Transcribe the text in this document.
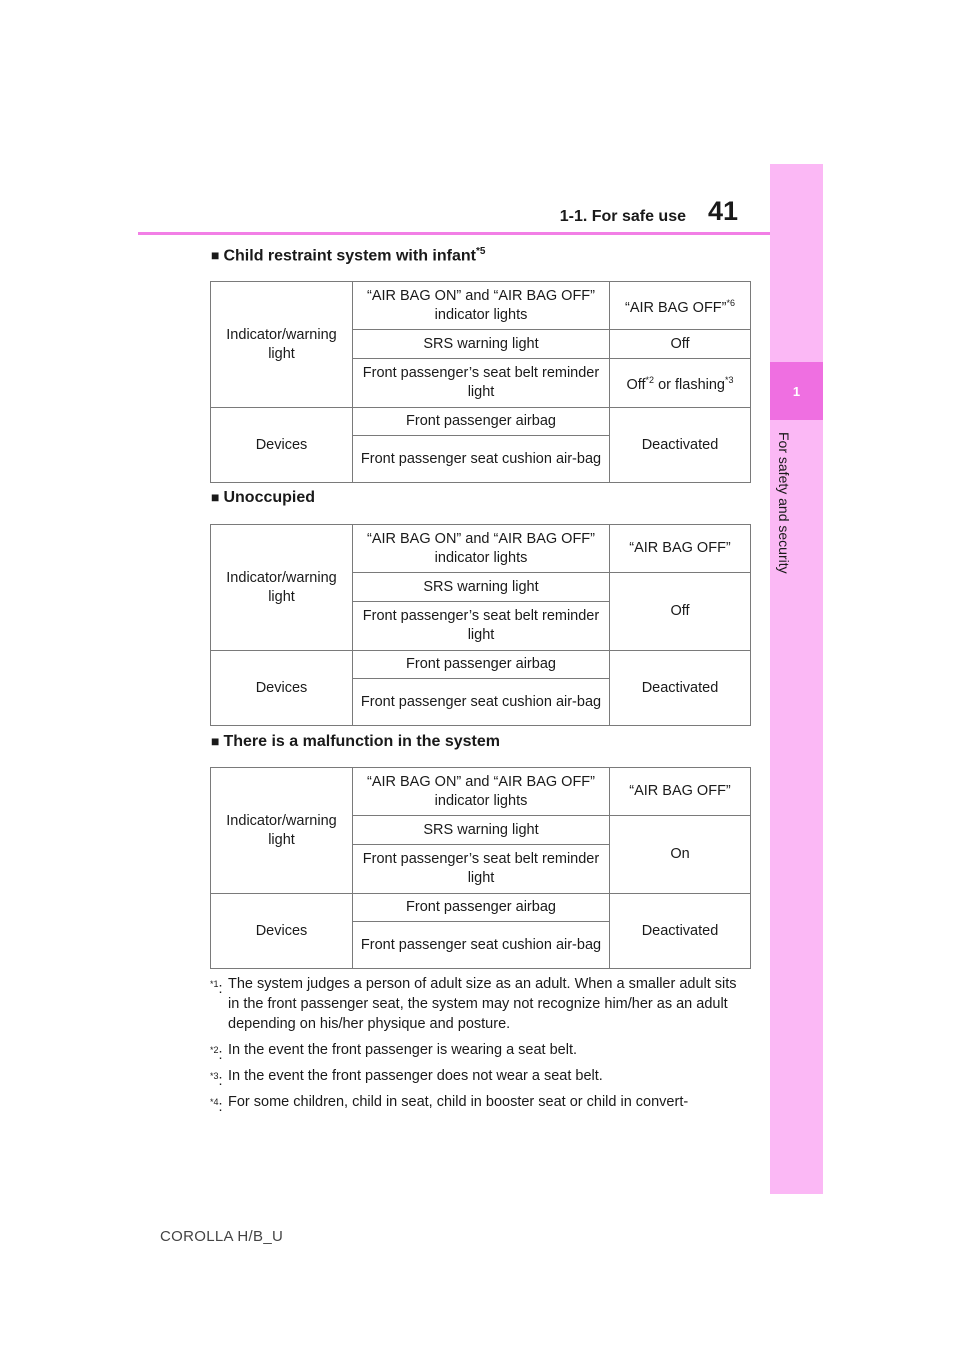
1-1. For safe use 41
1
For safety and security
■ Child restraint system with infant$^{*5}$
Indicator/warning light	“AIR BAG ON” and “AIR BAG OFF” indicator lights	“AIR BAG OFF”$^{*6}$
	SRS warning light	Off
	Front passenger’s seat belt reminder light	Off$^{*2}$ or flashing$^{*3}$
Devices	Front passenger airbag	Deactivated
	Front passenger seat cushion air-bag	
■ Unoccupied
Indicator/warning light	“AIR BAG ON” and “AIR BAG OFF” indicator lights	“AIR BAG OFF”
	SRS warning light	Off
	Front passenger’s seat belt reminder light	
Devices	Front passenger airbag	Deactivated
	Front passenger seat cushion air-bag	
■ There is a malfunction in the system
Indicator/warning light	“AIR BAG ON” and “AIR BAG OFF” indicator lights	“AIR BAG OFF”
	SRS warning light	On
	Front passenger’s seat belt reminder light	
Devices	Front passenger airbag	Deactivated
	Front passenger seat cushion air-bag	
$^{*1}$: The system judges a person of adult size as an adult. When a smaller adult sits in the front passenger seat, the system may not recognize him/her as an adult depending on his/her physique and posture.
$^{*2}$: In the event the front passenger is wearing a seat belt.
$^{*3}$: In the event the front passenger does not wear a seat belt.
$^{*4}$: For some children, child in seat, child in booster seat or child in convert-
COROLLA H/B_U
